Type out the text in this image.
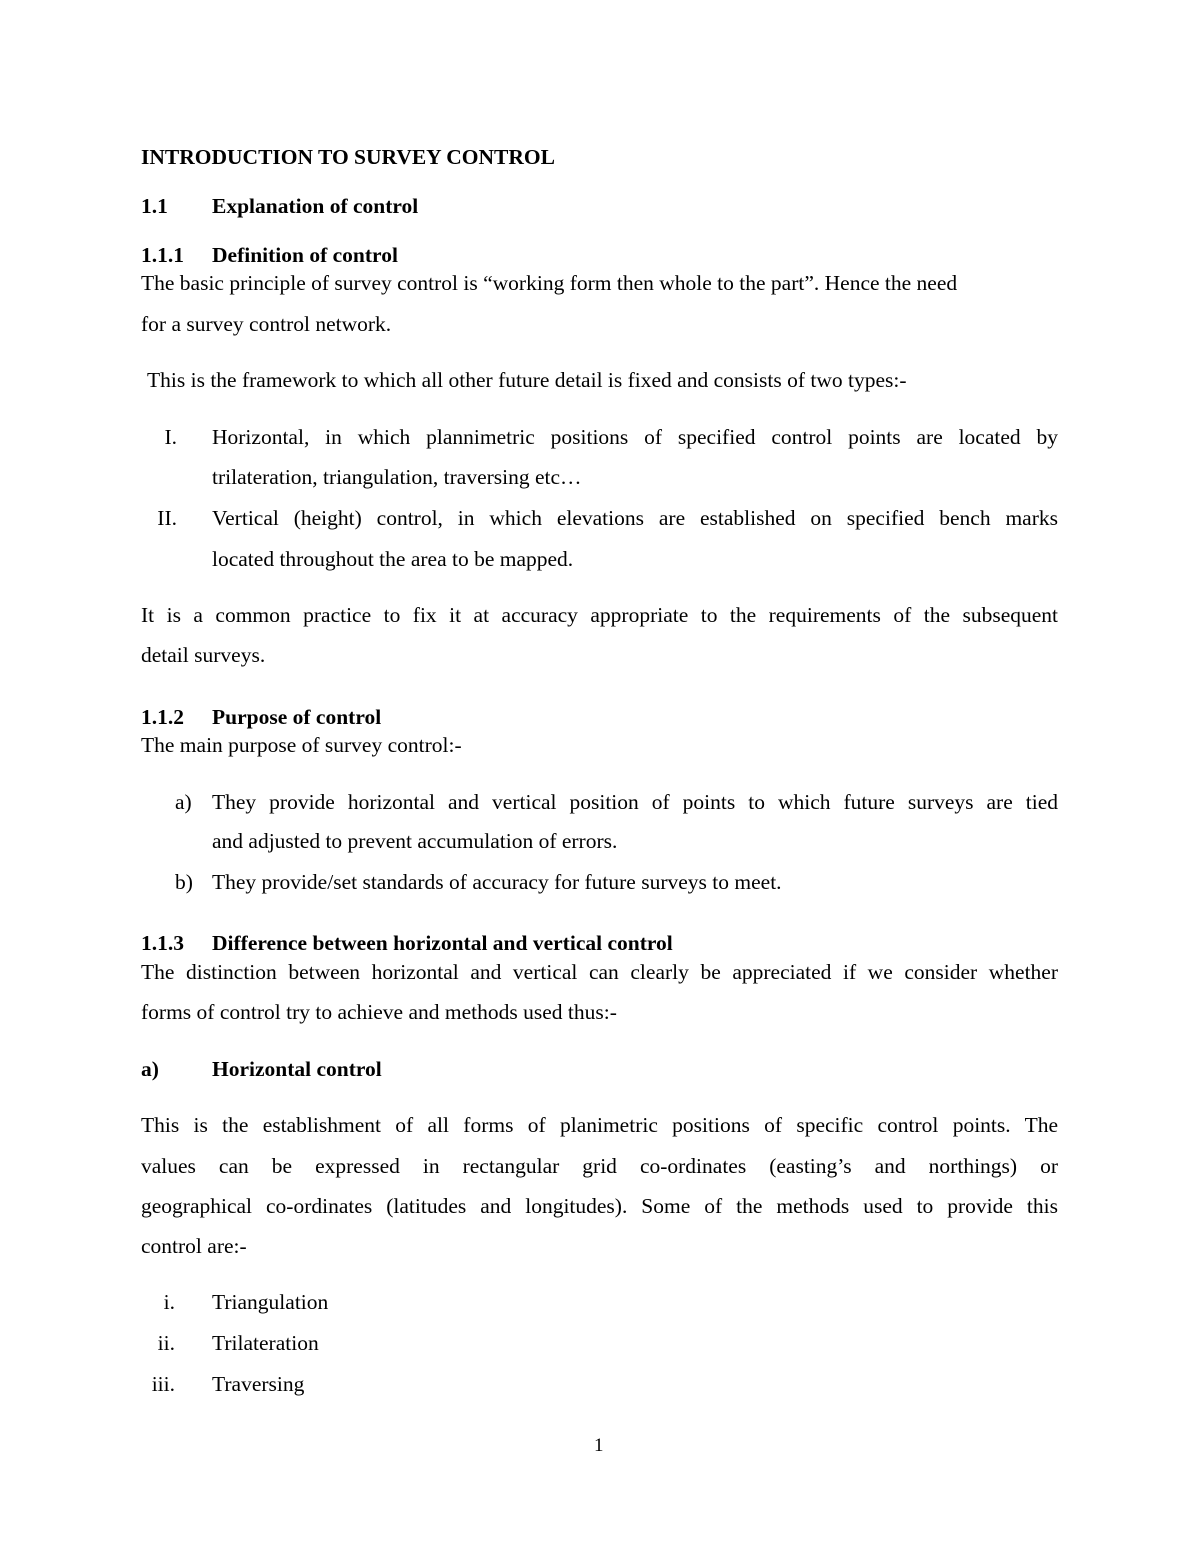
INTRODUCTION TO SURVEY CONTROL
1.1 Explanation of control
1.1.1 Definition of control
The basic principle of survey control is “working form then whole to the part”. Hence the need
for a survey control network.
This is the framework to which all other future detail is fixed and consists of two types:-
I. Horizontal, in which plannimetric positions of specified control points are located by
trilateration, triangulation, traversing etc…
II. Vertical (height) control, in which elevations are established on specified bench marks
located throughout the area to be mapped.
It is a common practice to fix it at accuracy appropriate to the requirements of the subsequent
detail surveys.
1.1.2 Purpose of control
The main purpose of survey control:-
a) They provide horizontal and vertical position of points to which future surveys are tied
and adjusted to prevent accumulation of errors.
b) They provide/set standards of accuracy for future surveys to meet.
1.1.3 Difference between horizontal and vertical control
The distinction between horizontal and vertical can clearly be appreciated if we consider whether
forms of control try to achieve and methods used thus:-
a) Horizontal control
This is the establishment of all forms of planimetric positions of specific control points. The
values can be expressed in rectangular grid co-ordinates (easting’s and northings) or
geographical co-ordinates (latitudes and longitudes). Some of the methods used to provide this
control are:-
i. Triangulation
ii. Trilateration
iii. Traversing
1
